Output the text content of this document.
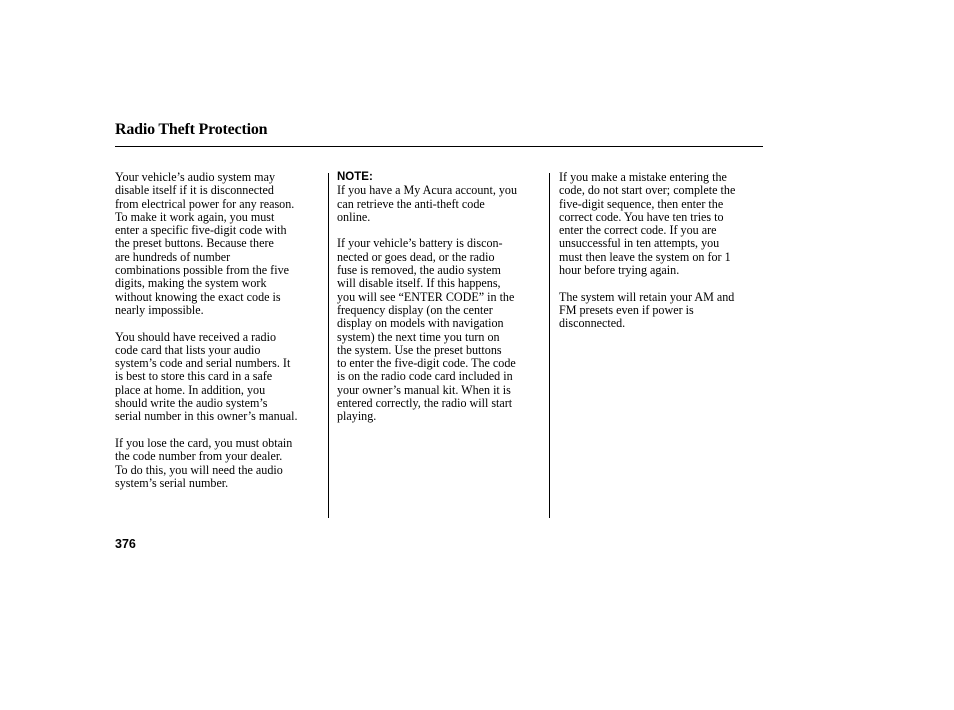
Radio Theft Protection

Your vehicle’s audio system may
disable itself if it is disconnected
from electrical power for any reason.
To make it work again, you must
enter a specific five-digit code with
the preset buttons. Because there
are hundreds of number
combinations possible from the five
digits, making the system work
without knowing the exact code is
nearly impossible.

You should have received a radio
code card that lists your audio
system’s code and serial numbers. It
is best to store this card in a safe
place at home. In addition, you
should write the audio system’s
serial number in this owner’s manual.

If you lose the card, you must obtain
the code number from your dealer.
To do this, you will need the audio
system’s serial number.

NOTE:
If you have a My Acura account, you
can retrieve the anti-theft code
online.

If your vehicle’s battery is discon-
nected or goes dead, or the radio
fuse is removed, the audio system
will disable itself. If this happens,
you will see “ENTER CODE” in the
frequency display (on the center
display on models with navigation
system) the next time you turn on
the system. Use the preset buttons
to enter the five-digit code. The code
is on the radio code card included in
your owner’s manual kit. When it is
entered correctly, the radio will start
playing.

If you make a mistake entering the
code, do not start over; complete the
five-digit sequence, then enter the
correct code. You have ten tries to
enter the correct code. If you are
unsuccessful in ten attempts, you
must then leave the system on for 1
hour before trying again.

The system will retain your AM and
FM presets even if power is
disconnected.

376
